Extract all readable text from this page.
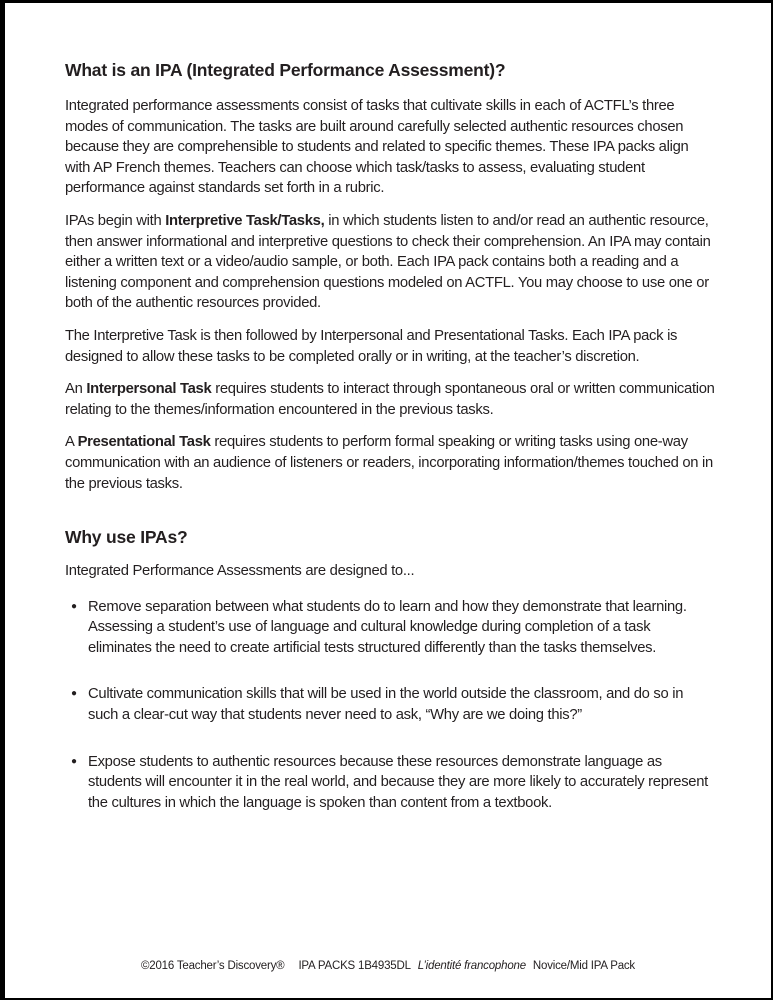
What is an IPA (Integrated Performance Assessment)?

Integrated performance assessments consist of tasks that cultivate skills in each of ACTFL’s three modes of communication. The tasks are built around carefully selected authentic resources chosen because they are comprehensible to students and related to specific themes. These IPA packs align with AP French themes. Teachers can choose which task/tasks to assess, evaluating student performance against standards set forth in a rubric.

IPAs begin with Interpretive Task/Tasks, in which students listen to and/or read an authentic resource, then answer informational and interpretive questions to check their comprehension. An IPA may contain either a written text or a video/audio sample, or both. Each IPA pack contains both a reading and a listening component and comprehension questions modeled on ACTFL. You may choose to use one or both of the authentic resources provided.

The Interpretive Task is then followed by Interpersonal and Presentational Tasks. Each IPA pack is designed to allow these tasks to be completed orally or in writing, at the teacher’s discretion.

An Interpersonal Task requires students to interact through spontaneous oral or written communication relating to the themes/information encountered in the previous tasks.

A Presentational Task requires students to perform formal speaking or writing tasks using one-way communication with an audience of listeners or readers, incorporating information/themes touched on in the previous tasks.

Why use IPAs?

Integrated Performance Assessments are designed to...

● Remove separation between what students do to learn and how they demonstrate that learning. Assessing a student’s use of language and cultural knowledge during completion of a task eliminates the need to create artificial tests structured differently than the tasks themselves.
● Cultivate communication skills that will be used in the world outside the classroom, and do so in such a clear-cut way that students never need to ask, “Why are we doing this?”
● Expose students to authentic resources because these resources demonstrate language as students will encounter it in the real world, and because they are more likely to accurately represent the cultures in which the language is spoken than content from a textbook.
©2016 Teacher’s Discovery® IPA PACKS 1B4935DL L’identité francophone Novice/Mid IPA Pack
